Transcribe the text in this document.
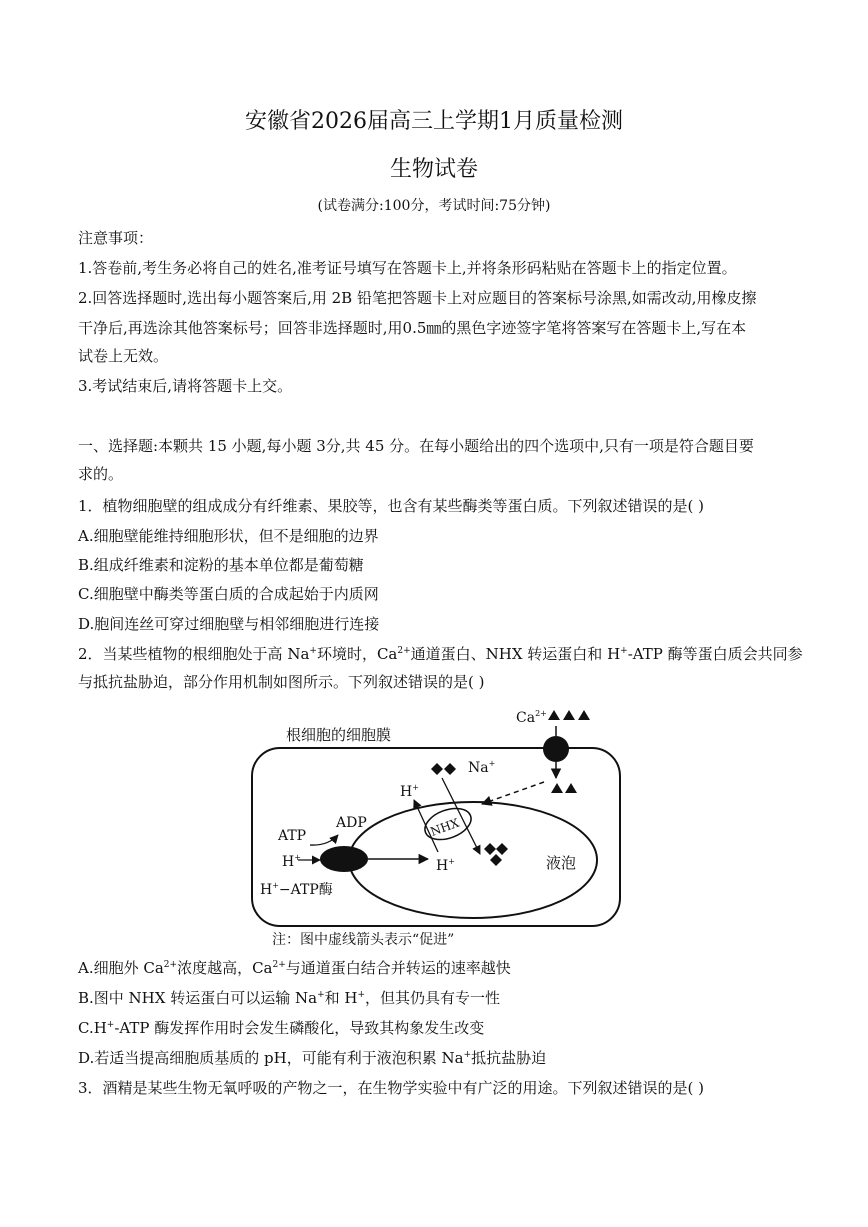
安徽省2026届高三上学期1月质量检测
生物试卷
(试卷满分:100分，考试时间:75分钟)
注意事项：
1.答卷前,考生务必将自己的姓名,准考证号填写在答题卡上,并将条形码粘贴在答题卡上的指定位置。
2.回答选择题时,选出每小题答案后,用 2B 铅笔把答题卡上对应题目的答案标号涂黑,如需改动,用橡皮擦
干净后,再选涂其他答案标号；回答非选择题时,用0.5㎜的黑色字迹签字笔将答案写在答题卡上,写在本
试卷上无效。
3.考试结束后,请将答题卡上交。
一、选择题:本颗共 15 小题,每小题 3分,共 45 分。在每小题给出的四个选项中,只有一项是符合题目要
求的。
1．植物细胞壁的组成成分有纤维素、果胶等，也含有某些酶类等蛋白质。下列叙述错误的是( )
A.细胞壁能维持细胞形状，但不是细胞的边界
B.组成纤维素和淀粉的基本单位都是葡萄糖
C.细胞壁中酶类等蛋白质的合成起始于内质网
D.胞间连丝可穿过细胞壁与相邻细胞进行连接
2．当某些植物的根细胞处于高 Na+环境时，$Ca^{2+}$通道蛋白、NHX 转运蛋白和 H+-ATP 酶等蛋白质会共同参
与抵抗盐胁迫，部分作用机制如图所示。下列叙述错误的是( )
根细胞的细胞膜
$Ca^{2+}$
Na+
液泡
NHX
H+
H+
ADP
ATP
H+
H+−ATP酶
注：图中虚线箭头表示“促进”
A.细胞外 $Ca^{2+}$浓度越高，$Ca^{2+}$与通道蛋白结合并转运的速率越快
B.图中 NHX 转运蛋白可以运输 Na+和 H+，但其仍具有专一性
C.H+-ATP 酶发挥作用时会发生磷酸化，导致其构象发生改变
D.若适当提高细胞质基质的 pH，可能有利于液泡积累 Na+抵抗盐胁迫
3．酒精是某些生物无氧呼吸的产物之一，在生物学实验中有广泛的用途。下列叙述错误的是( )
